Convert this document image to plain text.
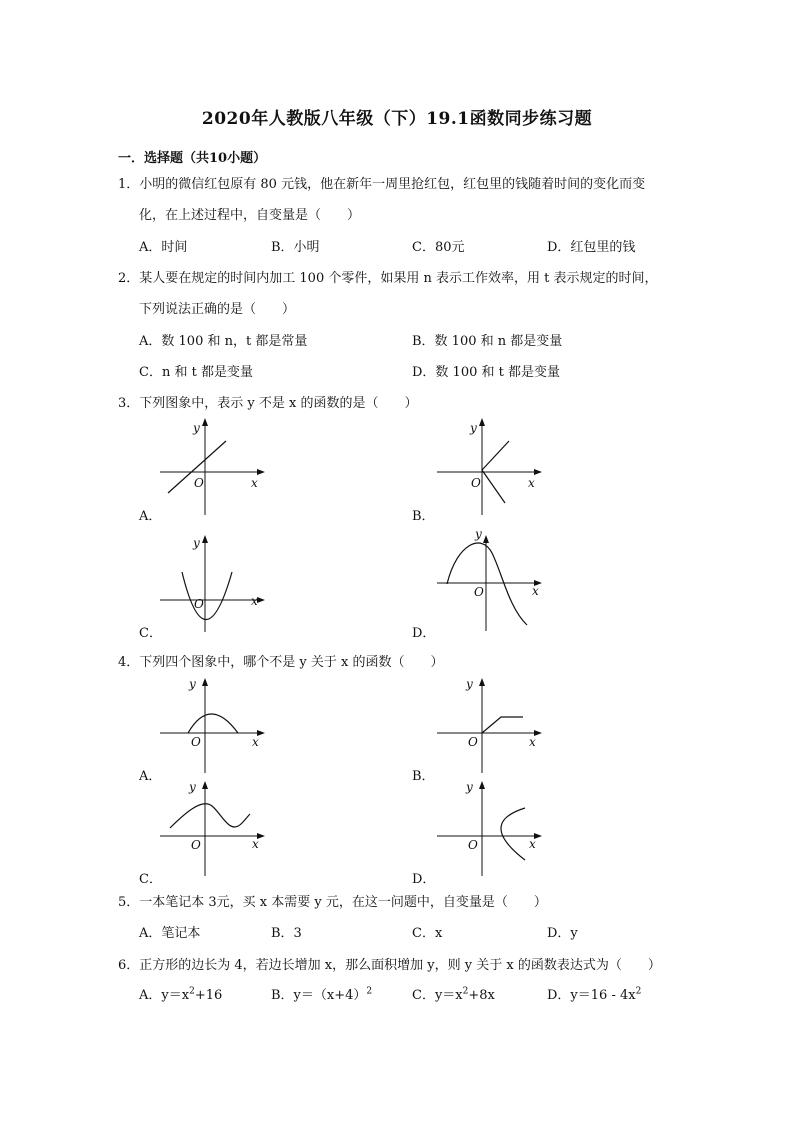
2020年人教版八年级（下）19.1函数同步练习题
一．选择题（共10小题）
1．小明的微信红包原有 80 元钱，他在新年一周里抢红包，红包里的钱随着时间的变化而变
化，在上述过程中，自变量是（　　）
A．时间	B．小明	C．80元	D．红包里的钱
2．某人要在规定的时间内加工 100 个零件，如果用 n 表示工作效率，用 t 表示规定的时间，
下列说法正确的是（　　）
A．数 100 和 n，t 都是常量	B．数 100 和 n 都是变量
C．n 和 t 都是变量	D．数 100 和 t 都是变量
3．下列图象中，表示 y 不是 x 的函数的是（　　）
y
O	x
A．
y
O	x
B．
y
O	x
C．
y
O	x
D．
4．下列四个图象中，哪个不是 y 关于 x 的函数（　　）
y
O	x
A．
y
O	x
B．
y
O	x
C．
y
O	x
D．
5．一本笔记本 3元，买 x 本需要 y 元，在这一问题中，自变量是（　　）
A．笔记本	B．3	C．x	D．y
6．正方形的边长为 4，若边长增加 x，那么面积增加 y，则 y 关于 x 的函数表达式为（　　）
A．$y=x^2+16$	B．$y=(x+4)^2$	C．$y=x^2+8x$	D．$y=16 - 4x^2$
